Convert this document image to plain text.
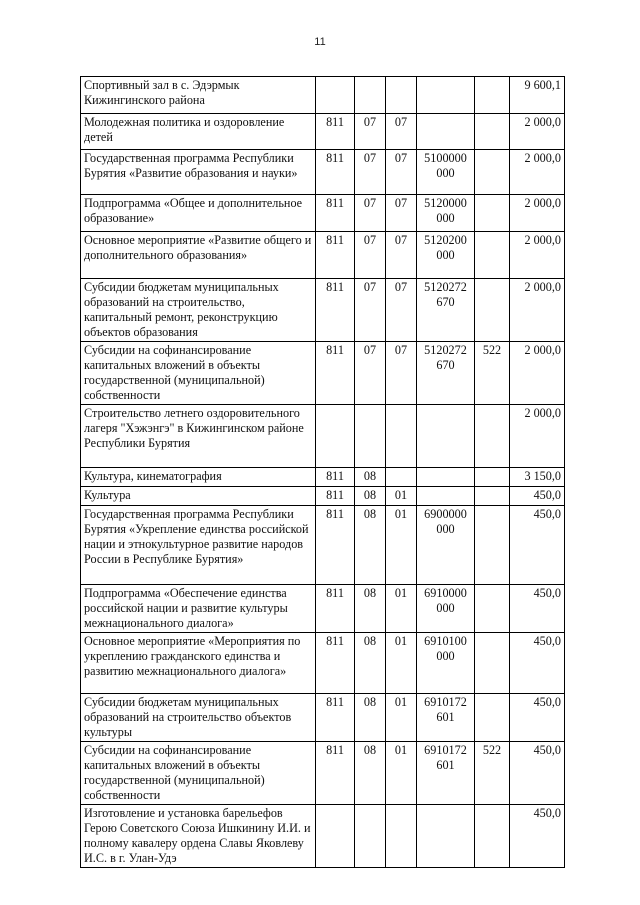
11
Спортивный зал в с. Эдэрмык Кижингинского района						9 600,1
Молодежная политика и оздоровление детей	811	07	07			2 000,0
Государственная программа Республики Бурятия «Развитие образования и науки»	811	07	07	5100000 000		2 000,0
Подпрограмма «Общее и дополнительное образование»	811	07	07	5120000 000		2 000,0
Основное мероприятие «Развитие общего и дополнительного образования»	811	07	07	5120200 000		2 000,0
Субсидии бюджетам муниципальных образований на строительство, капитальный ремонт, реконструкцию объектов образования	811	07	07	5120272 670		2 000,0
Субсидии на софинансирование капитальных вложений в объекты государственной (муниципальной) собственности	811	07	07	5120272 670	522	2 000,0
Строительство летнего оздоровительного лагеря "Хэжэнгэ" в Кижингинском районе Республики Бурятия						2 000,0
Культура, кинематография	811	08				3 150,0
Культура	811	08	01			450,0
Государственная программа Республики Бурятия «Укрепление единства российской нации и этнокультурное развитие народов России в Республике Бурятия»	811	08	01	6900000 000		450,0
Подпрограмма «Обеспечение единства российской нации и развитие культуры межнационального диалога»	811	08	01	6910000 000		450,0
Основное мероприятие «Мероприятия по укреплению гражданского единства и развитию межнационального диалога»	811	08	01	6910100 000		450,0
Субсидии бюджетам муниципальных образований на строительство объектов культуры	811	08	01	6910172 601		450,0
Субсидии на софинансирование капитальных вложений в объекты государственной (муниципальной) собственности	811	08	01	6910172 601	522	450,0
Изготовление и установка барельефов Герою Советского Союза Ишкинину И.И. и полному кавалеру ордена Славы Яковлеву И.С. в г. Улан-Удэ						450,0
